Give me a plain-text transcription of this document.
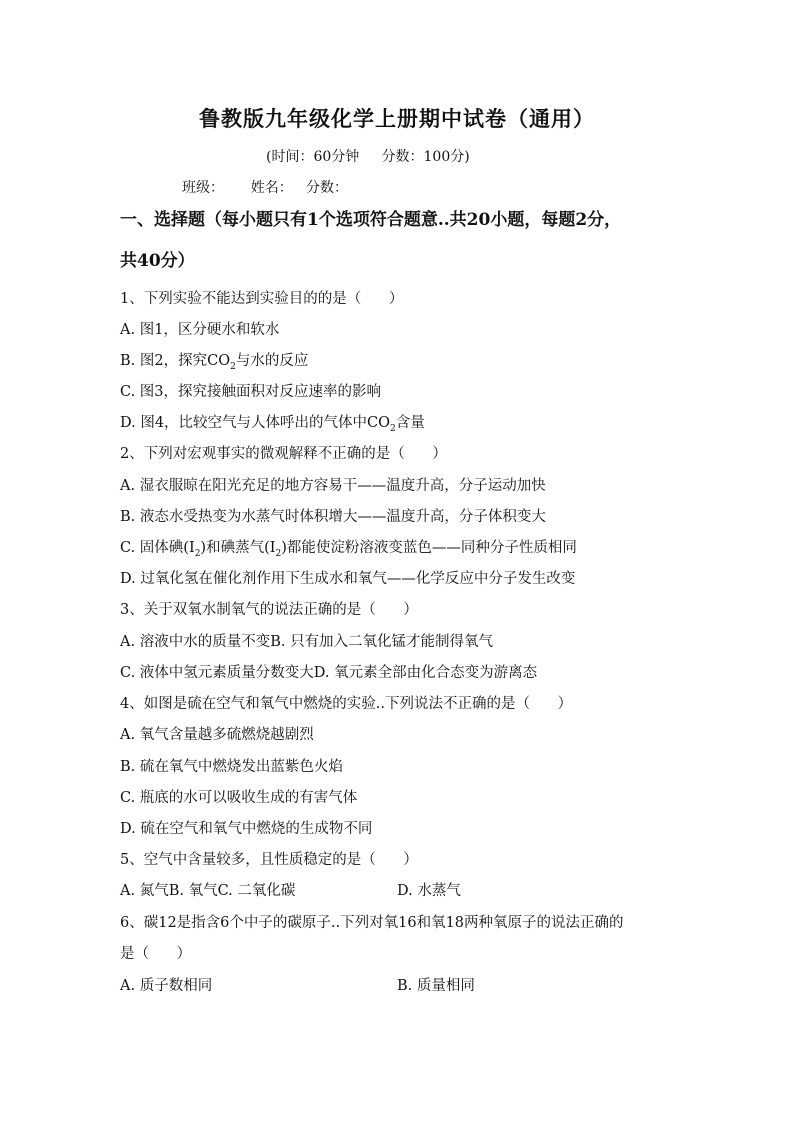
鲁教版九年级化学上册期中试卷（通用）
(时间：60分钟     分数：100分)
班级：      姓名：   分数：
一、选择题（每小题只有1个选项符合题意..共20小题，每题2分，
共40分）
1、下列实验不能达到实验目的的是（      ）
A. 图1，区分硬水和软水
B. 图2，探究$CO_2$与水的反应
C. 图3，探究接触面积对反应速率的影响
D. 图4，比较空气与人体呼出的气体中$CO_2$含量
2、下列对宏观事实的微观解释不正确的是（      ）
A. 湿衣服晾在阳光充足的地方容易干——温度升高，分子运动加快
B. 液态水受热变为水蒸气时体积增大——温度升高，分子体积变大
C. 固体碘$(I_2)$和碘蒸气$(I_2)$都能使淀粉溶液变蓝色——同种分子性质相同
D. 过氧化氢在催化剂作用下生成水和氧气——化学反应中分子发生改变
3、关于双氧水制氧气的说法正确的是（      ）
A. 溶液中水的质量不变B. 只有加入二氧化锰才能制得氧气
C. 液体中氢元素质量分数变大D. 氧元素全部由化合态变为游离态
4、如图是硫在空气和氧气中燃烧的实验..下列说法不正确的是（      ）
A. 氧气含量越多硫燃烧越剧烈
B. 硫在氧气中燃烧发出蓝紫色火焰
C. 瓶底的水可以吸收生成的有害气体
D. 硫在空气和氧气中燃烧的生成物不同
5、空气中含量较多，且性质稳定的是（      ）
A. 氮气B. 氧气C. 二氧化碳	D. 水蒸气
6、碳12是指含6个中子的碳原子..下列对氧16和氧18两种氧原子的说法正确的
是（      ）
A. 质子数相同	B. 质量相同
